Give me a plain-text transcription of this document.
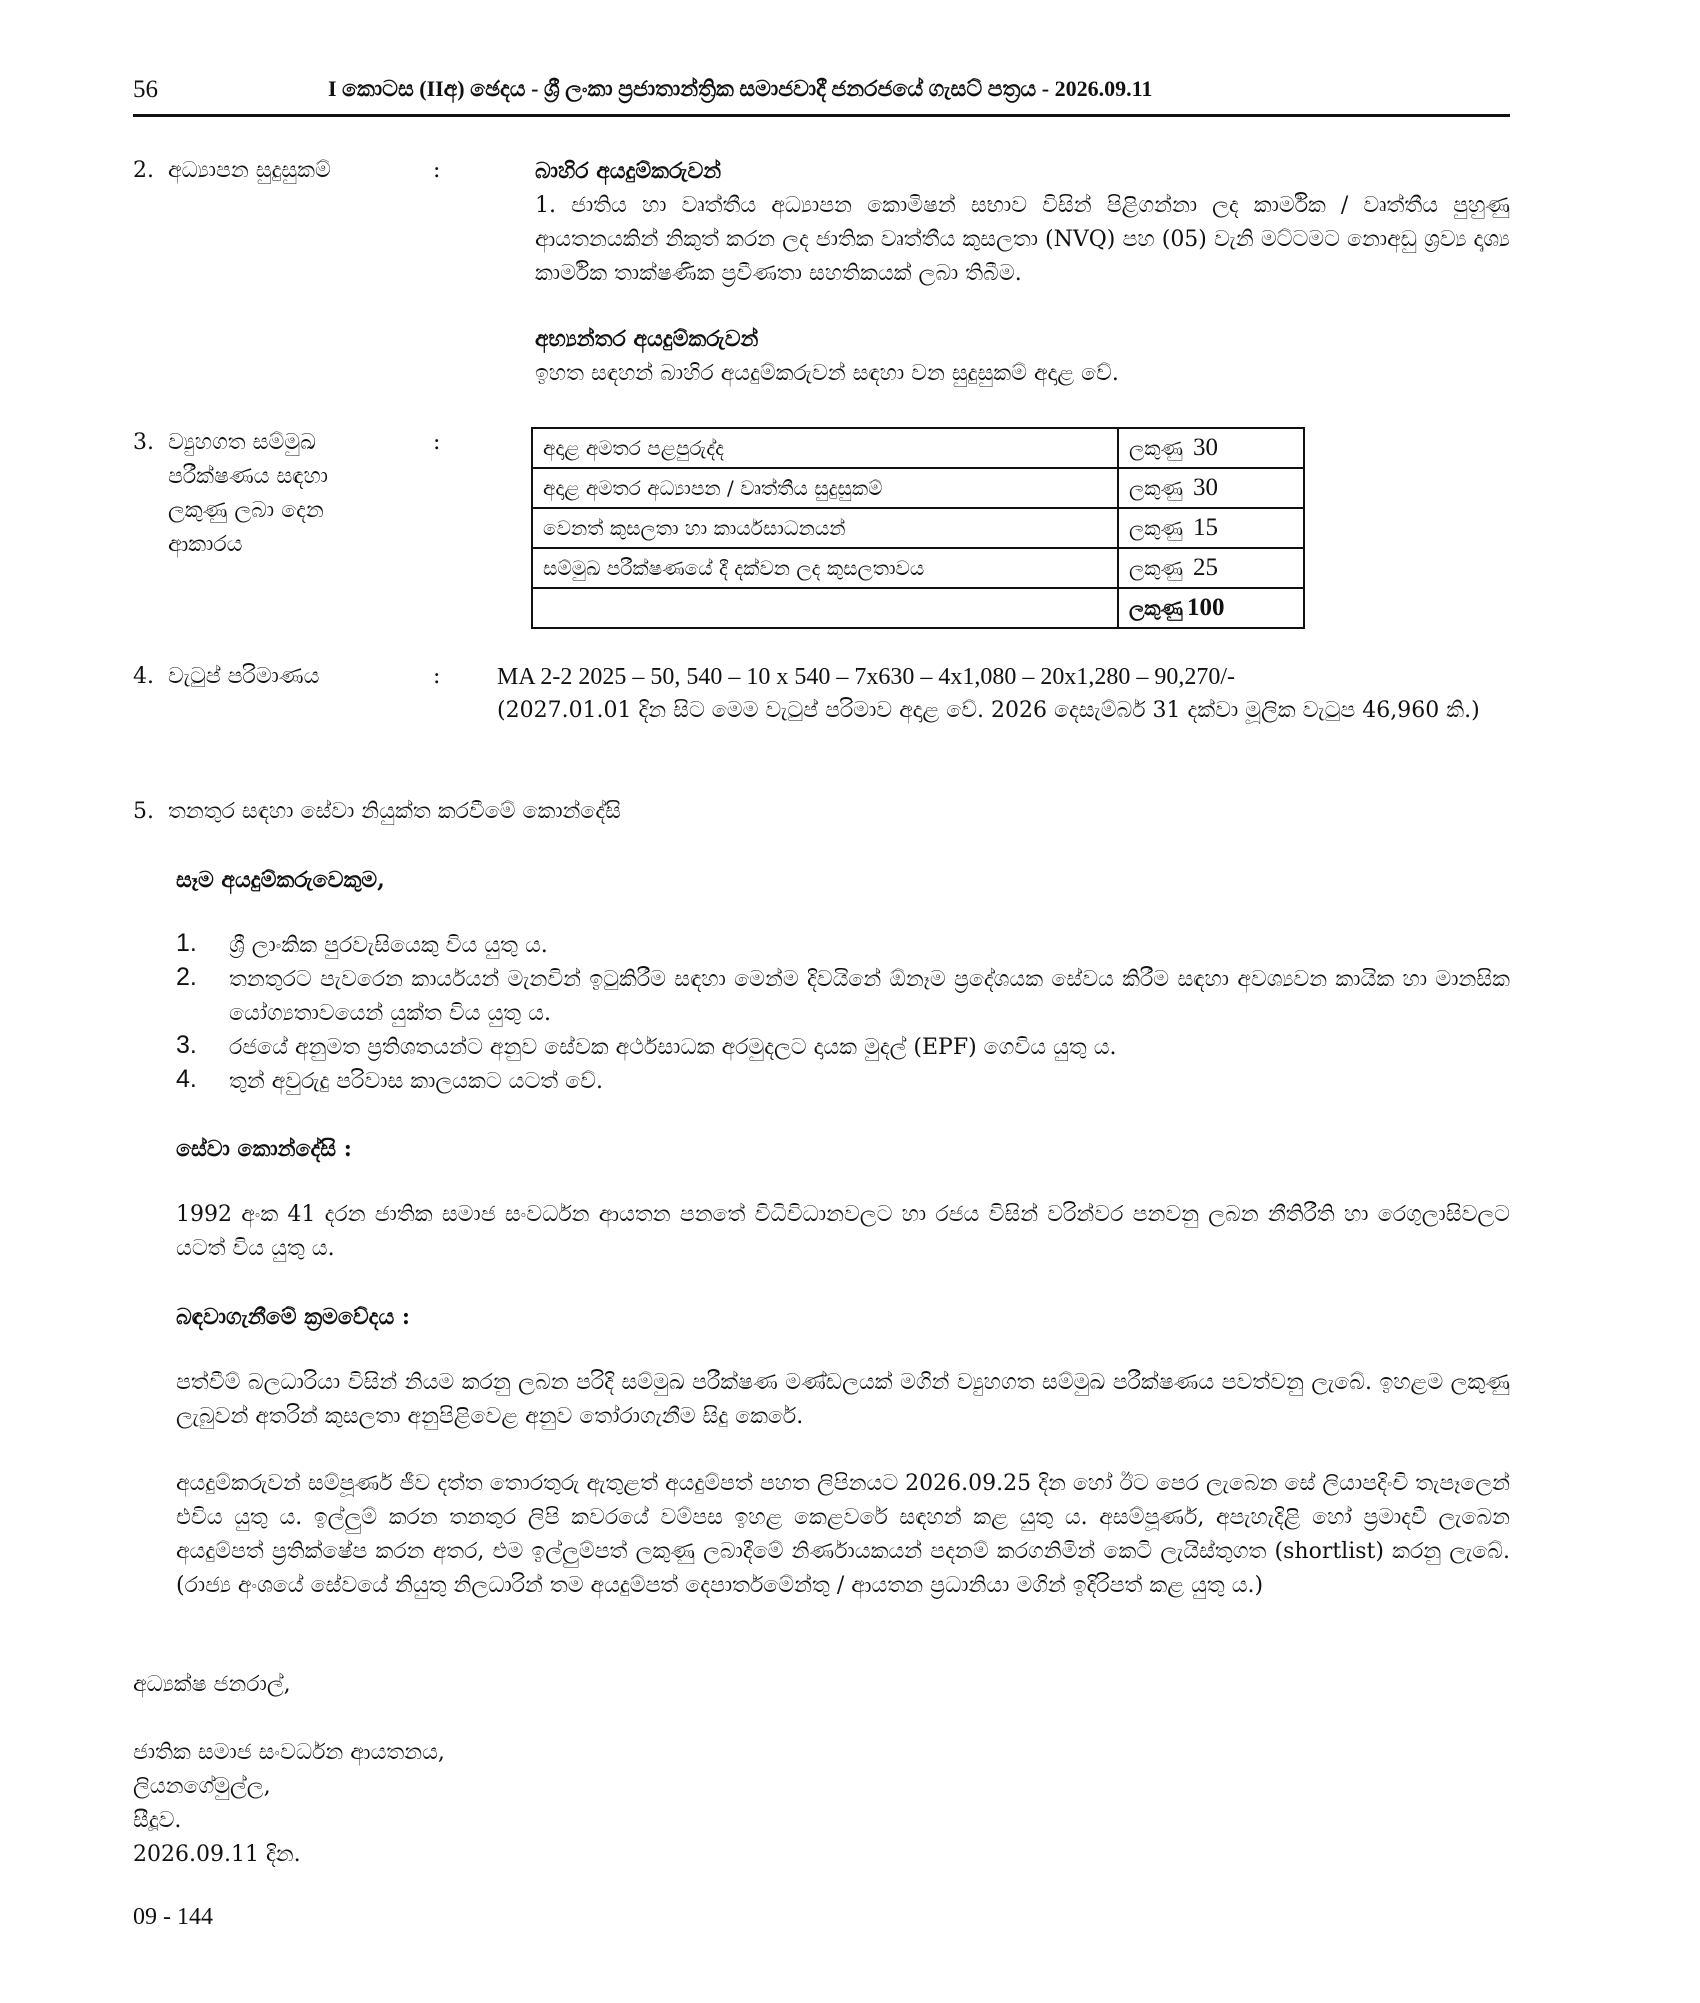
56	I කොටස (IIඅ) ඡෙදය - ශ්‍රී ලංකා ප්‍රජාතාන්ත්‍රික සමාජවාදී ජනරජයේ ගැසට් පත්‍රය - 2026.09.11
2. අධ්‍යාපන සුදුසුකම්	:	බාහිර අයදුම්කරුවන්
1. ජාතිය හා වෘත්තීය අධ්‍යාපන කොමිෂන් සභාව විසින් පිළිගන්නා ලද කාර්මික / වෘත්තීය පුහුණු ආයතනයකින් නිකුත් කරන ලද ජාතික වෘත්තීය කුසලතා (NVQ) පහ (05) වැනි මට්ටමට නොඅඩු ශ්‍රව්‍ය දෘශ්‍ය කාර්මික තාක්ෂණික ප්‍රවීණතා සහතිකයක් ලබා තිබීම.
අභ්‍යන්තර අයදුම්කරුවන්
ඉහත සඳහන් බාහිර අයදුම්කරුවන් සඳහා වන සුදුසුකම් අදාළ වේ.
3. ව්‍යුහගත සම්මුඛ
පරීක්ෂණය සඳහා
ලකුණු ලබා දෙන
ආකාරය
:	අදාළ අමතර පළපුරුද්ද	ලකුණු 30
අදාළ අමතර අධ්‍යාපන / වෘත්තීය සුදුසුකම්	ලකුණු 30
වෙනත් කුසලතා හා කාර්යසාධනයන්	ලකුණු 15
සම්මුඛ පරීක්ෂණයේ දී දක්වන ලද කුසලතාවය	ලකුණු 25
	ලකුණු 100
4. වැටුප් පරිමාණය	: MA 2-2 2025 – 50, 540 – 10 x 540 – 7x630 – 4x1,080 – 20x1,280 – 90,270/-
(2027.01.01 දින සිට මෙම වැටුප් පරිමාව අදාළ වේ. 2026 දෙසැම්බර් 31 දක්වා මූලික වැටුප 46,960 කි.)
5. තනතුර සඳහා සේවා නියුක්ත කරවීමේ කොන්දේසි
සෑම අයදුම්කරුවෙකුම,
1. ශ්‍රී ලාංකික පුරවැසියෙකු විය යුතු ය.
2. තනතුරට පැවරෙන කාර්යයන් මැනවින් ඉටුකිරීම සඳහා මෙන්ම දිවයිනේ ඕනෑම ප්‍රදේශයක සේවය කිරීම සඳහා අවශ්‍යවන කායික හා මානසික යෝග්‍යතාවයෙන් යුක්ත විය යුතු ය.
3. රජයේ අනුමත ප්‍රතිශතයන්ට අනුව සේවක අර්ථසාධක අරමුදලට දායක මුදල් (EPF) ගෙවිය යුතු ය.
4. තුන් අවුරුදු පරිවාස කාලයකට යටත් වේ.
සේවා කොන්දේසි :
1992 අංක 41 දරන ජාතික සමාජ සංවර්ධන ආයතන පනතේ විධිවිධානවලට හා රජය විසින් වරින්වර පනවනු ලබන නීතිරීති හා රෙගුලාසිවලට යටත් විය යුතු ය.
බඳවාගැනීමේ ක්‍රමවේදය :
පත්වීම් බලධාරියා විසින් නියම කරනු ලබන පරිදි සම්මුඛ පරීක්ෂණ මණ්ඩලයක් මගින් ව්‍යුහගත සම්මුඛ පරීක්ෂණය පවත්වනු ලැබේ. ඉහළම ලකුණු ලැබුවන් අතරින් කුසලතා අනුපිළිවෙළ අනුව තෝරාගැනීම සිදු කෙරේ.
අයදුම්කරුවන් සම්පූර්ණ ජීව දත්ත තොරතුරු ඇතුළත් අයදුම්පත් පහත ලිපිනයට 2026.09.25 දින හෝ ඊට පෙර ලැබෙන සේ ලියාපදිංචි තැපෑලෙන් එවිය යුතු ය. ඉල්ලුම් කරන තනතුර ලිපි කවරයේ වම්පස ඉහළ කෙළවරේ සඳහන් කළ යුතු ය. අසම්පූර්ණ, අපැහැදිළි හෝ ප්‍රමාදවී ලැබෙන අයදුම්පත් ප්‍රතික්ෂේප කරන අතර, එම ඉල්ලුම්පත් ලකුණු ලබාදීමේ නිර්ණායකයන් පදනම් කරගනිමින් කෙටි ලැයිස්තුගත (shortlist) කරනු ලැබේ. (රාජ්‍ය අංශයේ සේවයේ නියුතු නිලධාරින් තම අයදුම්පත් දෙපාර්තමේන්තු / ආයතන ප්‍රධානියා මගින් ඉදිරිපත් කළ යුතු ය.)
අධ්‍යක්ෂ ජනරාල්,
ජාතික සමාජ සංවර්ධන ආයතනය,
ලියනගේමුල්ල,
සීදූව.
2026.09.11 දින.
09 - 144
